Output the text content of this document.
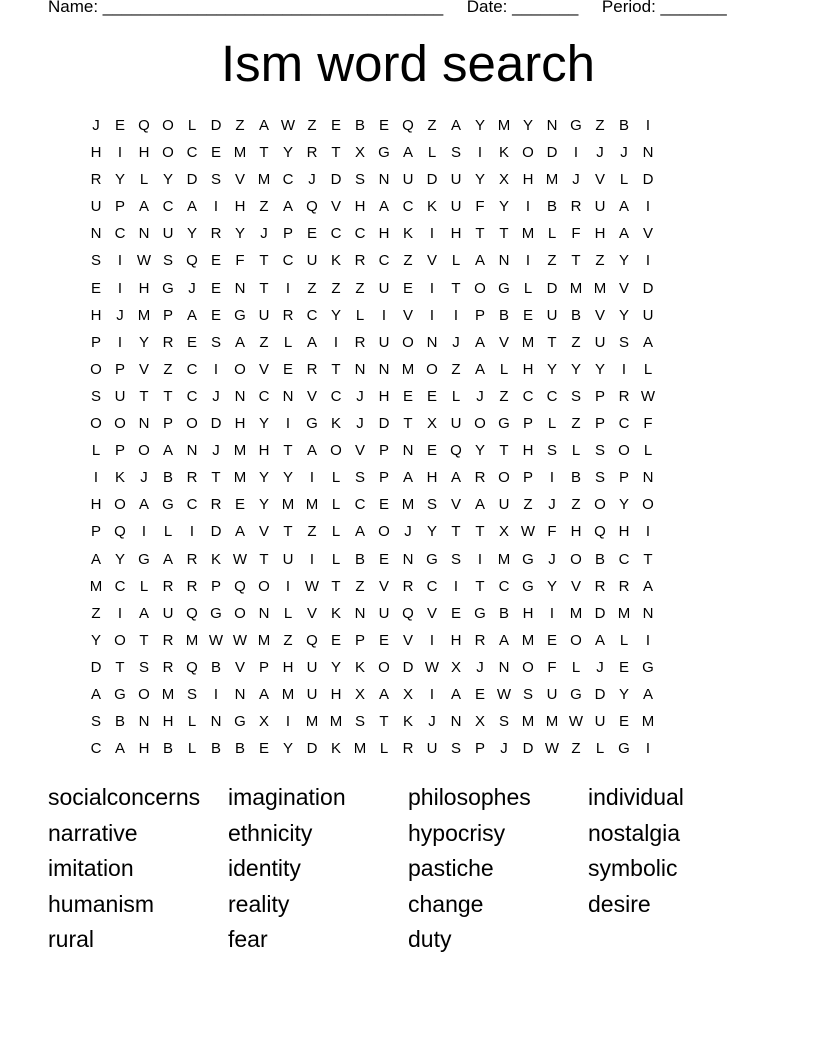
Name: ____________________________________     Date: _______     Period: _______
Ism word search
J	E Q O L D Z A W Z E B E Q Z A Y M Y N G Z B	I
H	I	H O C E M T Y R T X G A L S	I	K O D	I	J	J N
R Y L Y D S V M C J D S N U D U Y X H M J	V L D
U P A C A	I	H Z A Q V H A C K U F Y	I	B R U A	I
N C N U Y R Y	J	P E C C H K	I	H T T M L	F H A V
S	I W S Q E F T C U K R C Z V L A N	I	Z T Z Y	I
E	I	H G J	E N T	I	Z Z Z U E	I	T O G L D M M V D
H J M P A E G U R C Y L	I	V	I	I	P B E U B V Y U
P	I	Y R E S A Z	L A	I	R U O N J	A V M T Z U S A
O P V Z C	I	O V E R T N N M O Z A L H Y Y Y	I	L
S U T T C J N C N V C J H E E L	J	Z C C S P R W
O O N P O D H Y	I	G K	J D T X U O G P L	Z P C F
L P O A N J M H T A O V P N E Q Y T H S L S O L
I	K	J	B R T M Y Y	I	L S P A H A R O P	I	B S P N
H O A G C R E Y M M L C E M S V A U Z	J	Z O Y O
P Q	I	L	I	D A V T Z	L A O J	Y T T X W F H Q H	I
A Y G A R K W T U	I	L B E N G S	I	M G J O B C T
M C L R R P Q O	I W T Z V R C	I	T C G Y V R R A
Z	I	A U Q G O N L V K N U Q V E G B H	I	M D M N
Y O T R M W W M Z Q E P E V	I	H R A M E O A L	I
D T S R Q B V P H U Y K O D W X	J N O F	L	J	E G
A G O M S	I	N A M U H X A X	I	A E W S U G D Y A
S B N H L N G X	I	M M S T K	J N X S M M W U E M
C A H B L B B E Y D K M L R U S P	J D W Z	L G	I
socialconcerns	imagination	philosophes	individual
narrative	ethnicity	hypocrisy	nostalgia
imitation	identity	pastiche	symbolic
humanism	reality	change	desire
rural	fear	duty
